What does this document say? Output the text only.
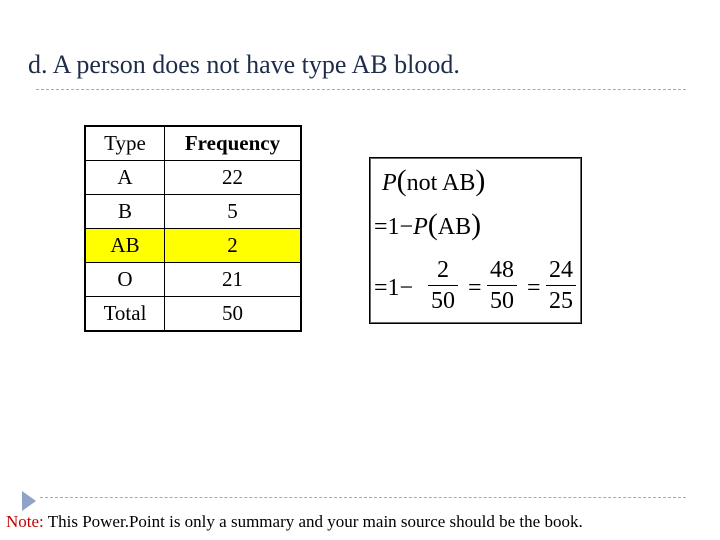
d. A person does not have type AB blood.
Type	Frequency
A	22
B	5
AB	2
O	21
Total	50
P(not AB)
=1−P(AB)
=1−
2
50 =
48
50 =
24
25
Note: This Power.Point is only a summary and your main source should be the book.
